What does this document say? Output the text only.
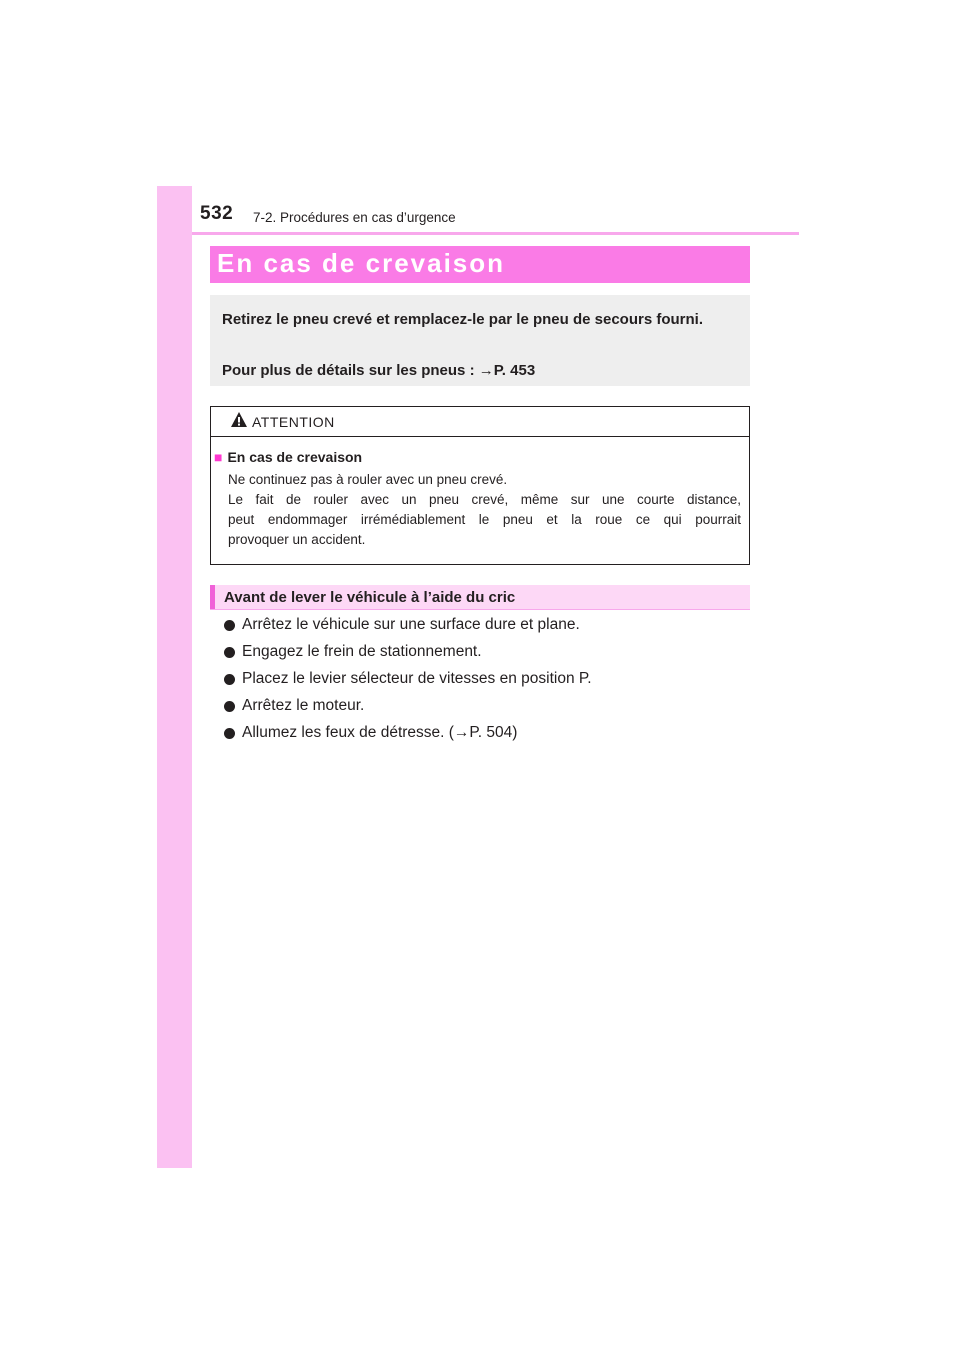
532 7-2. Procédures en cas d’urgence
En cas de crevaison
Retirez le pneu crevé et remplacez-le par le pneu de secours fourni.
Pour plus de détails sur les pneus : →P. 453
ATTENTION
■ En cas de crevaison
Ne continuez pas à rouler avec un pneu crevé.
Le fait de rouler avec un pneu crevé, même sur une courte distance,
peut endommager irrémédiablement le pneu et la roue ce qui pourrait
provoquer un accident.
Avant de lever le véhicule à l’aide du cric
Arrêtez le véhicule sur une surface dure et plane.
Engagez le frein de stationnement.
Placez le levier sélecteur de vitesses en position P.
Arrêtez le moteur.
Allumez les feux de détresse. (→P. 504)
